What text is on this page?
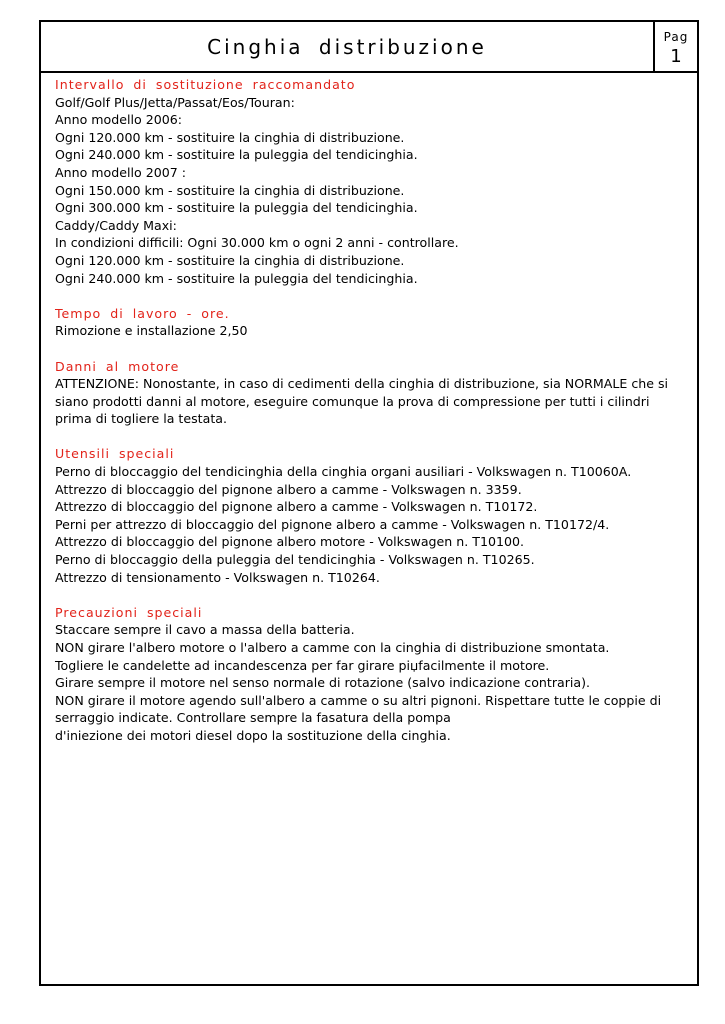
Cinghia distribuzione	Pag
1
Intervallo di sostituzione raccomandato
Golf/Golf Plus/Jetta/Passat/Eos/Touran:
Anno modello 2006:
Ogni 120.000 km - sostituire la cinghia di distribuzione.
Ogni 240.000 km - sostituire la puleggia del tendicinghia.
Anno modello 2007 :
Ogni 150.000 km - sostituire la cinghia di distribuzione.
Ogni 300.000 km - sostituire la puleggia del tendicinghia.
Caddy/Caddy Maxi:
In condizioni difficili: Ogni 30.000 km o ogni 2 anni - controllare.
Ogni 120.000 km - sostituire la cinghia di distribuzione.
Ogni 240.000 km - sostituire la puleggia del tendicinghia.
Tempo di lavoro - ore.
Rimozione e installazione 2,50
Danni al motore
ATTENZIONE: Nonostante, in caso di cedimenti della cinghia di distribuzione, sia NORMALE che si siano prodotti danni al motore, eseguire comunque la prova di compressione per tutti i cilindri prima di togliere la testata.
Utensili speciali
Perno di bloccaggio del tendicinghia della cinghia organi ausiliari - Volkswagen n. T10060A.
Attrezzo di bloccaggio del pignone albero a camme - Volkswagen n. 3359.
Attrezzo di bloccaggio del pignone albero a camme - Volkswagen n. T10172.
Perni per attrezzo di bloccaggio del pignone albero a camme - Volkswagen n. T10172/4.
Attrezzo di bloccaggio del pignone albero motore - Volkswagen n. T10100.
Perno di bloccaggio della puleggia del tendicinghia - Volkswagen n. T10265.
Attrezzo di tensionamento - Volkswagen n. T10264.
Precauzioni speciali
Staccare sempre il cavo a massa della batteria.
NON girare l'albero motore o l'albero a camme con la cinghia di distribuzione smontata.
Togliere le candelette ad incandescenza per far girare piџfacilmente il motore.
Girare sempre il motore nel senso normale di rotazione (salvo indicazione contraria).
NON girare il motore agendo sull'albero a camme o su altri pignoni. Rispettare tutte le coppie di serraggio indicate. Controllare sempre la fasatura della pompa
d'iniezione dei motori diesel dopo la sostituzione della cinghia.
